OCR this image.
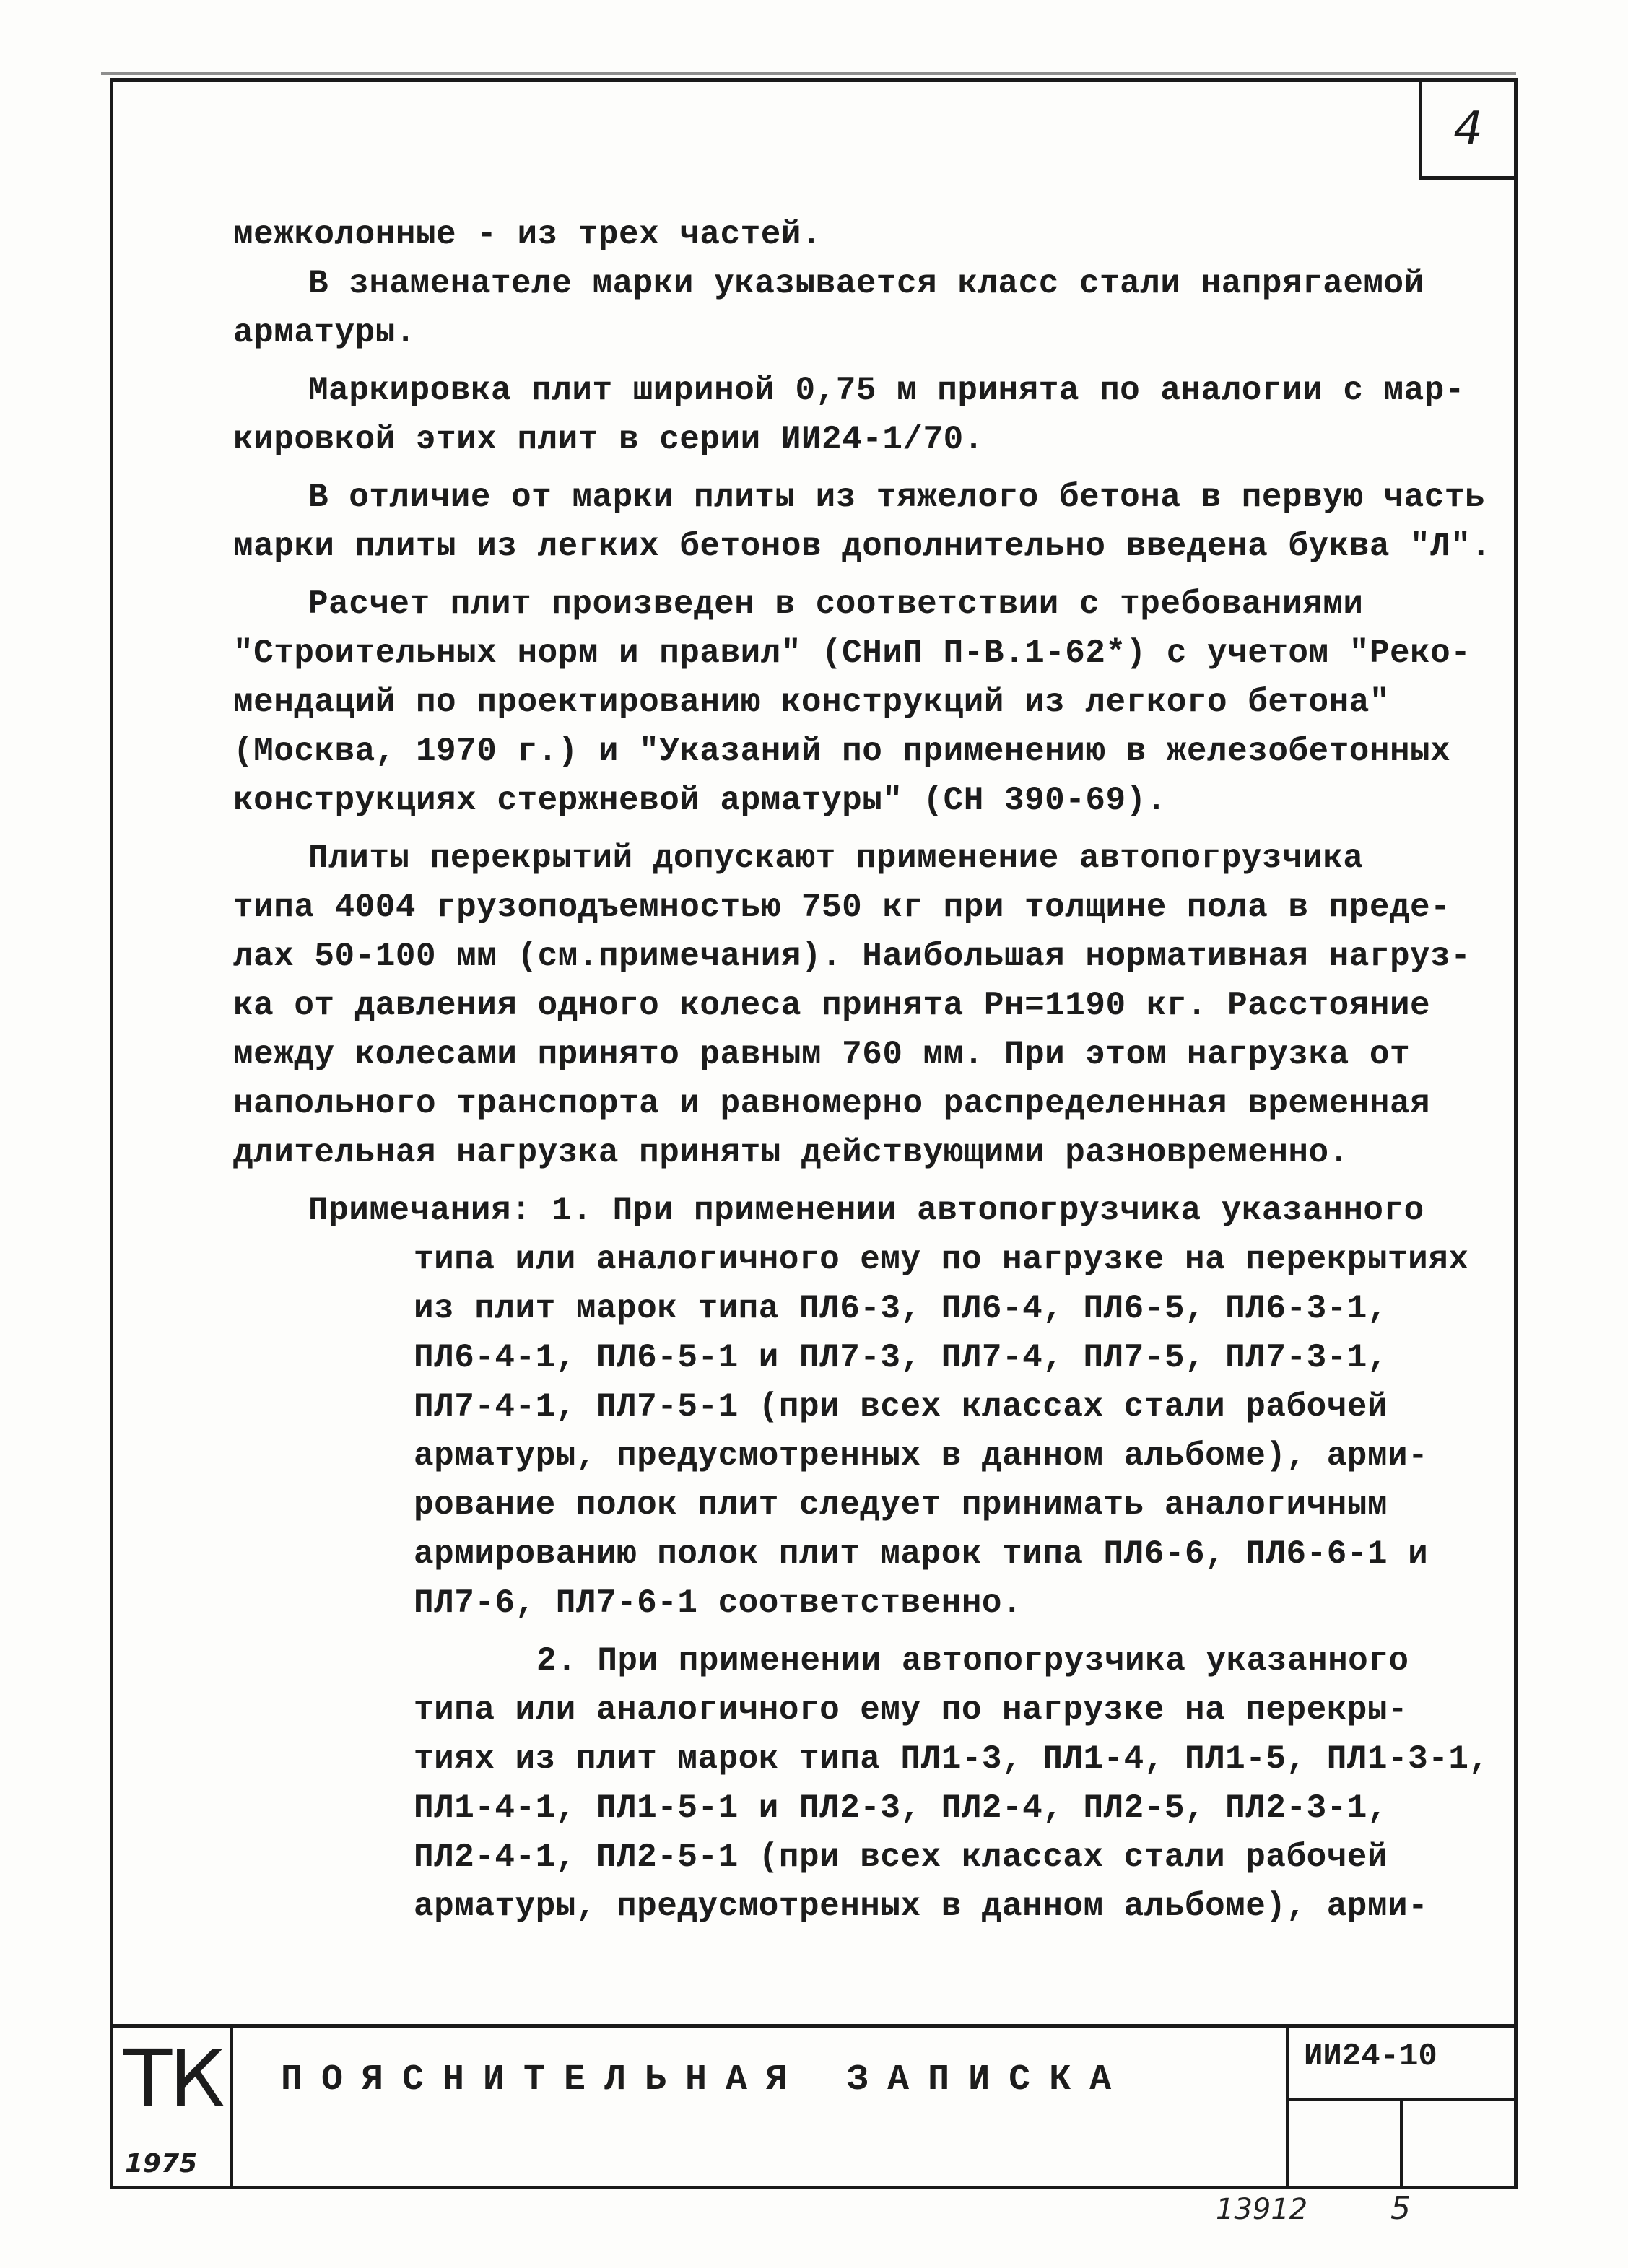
4
межколонные - из трех частей.
В знаменателе марки указывается класс стали напрягаемой
арматуры.
Маркировка плит шириной 0,75 м принята по аналогии с мар-
кировкой этих плит в серии ИИ24-1/70.
В отличие от марки плиты из тяжелого бетона в первую часть
марки плиты из легких бетонов дополнительно введена буква "Л".
Расчет плит произведен в соответствии с требованиями
"Строительных норм и правил" (СНиП П-В.1-62*) с учетом "Реко-
мендаций по проектированию конструкций из легкого бетона"
(Москва, 1970 г.) и "Указаний по применению в железобетонных
конструкциях стержневой арматуры" (СН 390-69).
Плиты перекрытий допускают применение автопогрузчика
типа 4004 грузоподъемностью 750 кг при толщине пола в преде-
лах 50-100 мм (см.примечания). Наибольшая нормативная нагруз-
ка от давления одного колеса принята Рн=1190 кг. Расстояние
между колесами принято равным 760 мм. При этом нагрузка от
напольного транспорта и равномерно распределенная временная
длительная нагрузка приняты действующими разновременно.
Примечания: 1. При применении автопогрузчика указанного
типа или аналогичного ему по нагрузке на перекрытиях
из плит марок типа ПЛ6-3, ПЛ6-4, ПЛ6-5, ПЛ6-3-1,
ПЛ6-4-1, ПЛ6-5-1 и ПЛ7-3, ПЛ7-4, ПЛ7-5, ПЛ7-3-1,
ПЛ7-4-1, ПЛ7-5-1 (при всех классах стали рабочей
арматуры, предусмотренных в данном альбоме), арми-
рование полок плит следует принимать аналогичным
армированию полок плит марок типа ПЛ6-6, ПЛ6-6-1 и
ПЛ7-6, ПЛ7-6-1 соответственно.
2. При применении автопогрузчика указанного
типа или аналогичного ему по нагрузке на перекры-
тиях из плит марок типа ПЛ1-3, ПЛ1-4, ПЛ1-5, ПЛ1-3-1,
ПЛ1-4-1, ПЛ1-5-1 и ПЛ2-3, ПЛ2-4, ПЛ2-5, ПЛ2-3-1,
ПЛ2-4-1, ПЛ2-5-1 (при всех классах стали рабочей
арматуры, предусмотренных в данном альбоме), арми-
ТК
1975
ПОЯСНИТЕЛЬНАЯ ЗАПИСКА
ИИ24-10
13912	5
